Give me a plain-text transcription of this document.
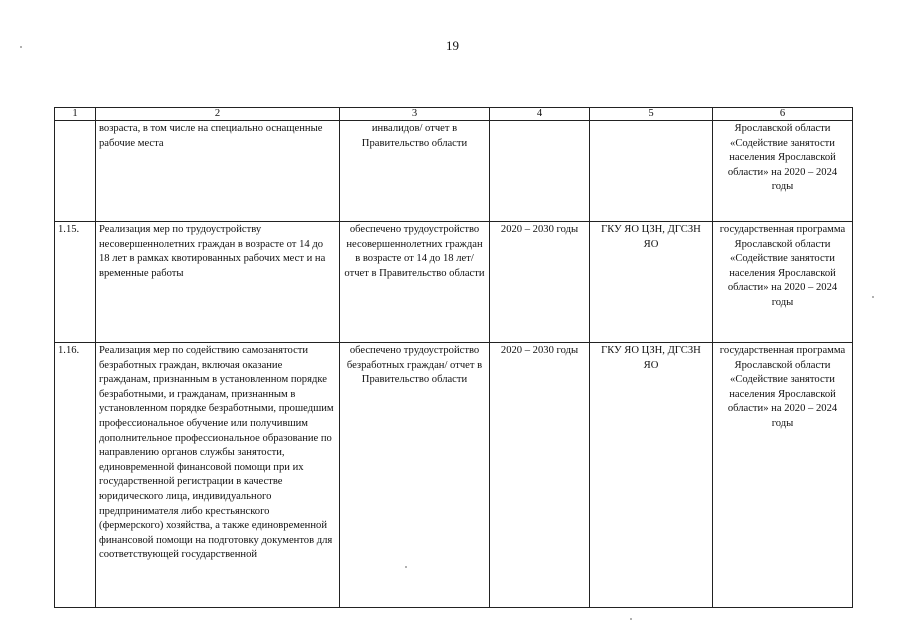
19
1	2	3	4	5	6
	возраста, в том числе на специально оснащенные рабочие места	инвалидов/ отчет в Правительство области			Ярославской области «Содействие занятости населения Ярославской области» на 2020 – 2024 годы
1.15.	Реализация мер по трудоустройству несовершеннолетних граждан в возрасте от 14 до 18 лет в рамках квотированных рабочих мест и на временные работы	обеспечено трудоустройство несовершеннолетних граждан в возрасте от 14 до 18 лет/ отчет в Правительство области	2020 – 2030 годы	ГКУ ЯО ЦЗН, ДГСЗН ЯО	государственная программа Ярославской области «Содействие занятости населения Ярославской области» на 2020 – 2024 годы
1.16.	Реализация мер по содействию самозанятости безработных граждан, включая оказание гражданам, признанным в установленном порядке безработными, и гражданам, признанным в установленном порядке безработными, прошедшим профессиональное обучение или получившим дополнительное профессиональное образование по направлению органов службы занятости, единовременной финансовой помощи при их государственной регистрации в качестве юридического лица, индивидуального предпринимателя либо крестьянского (фермерского) хозяйства, а также единовременной финансовой помощи на подготовку документов для соответствующей государственной	обеспечено трудоустройство безработных граждан/ отчет в Правительство области	2020 – 2030 годы	ГКУ ЯО ЦЗН, ДГСЗН ЯО	государственная программа Ярославской области «Содействие занятости населения Ярославской области» на 2020 – 2024 годы
